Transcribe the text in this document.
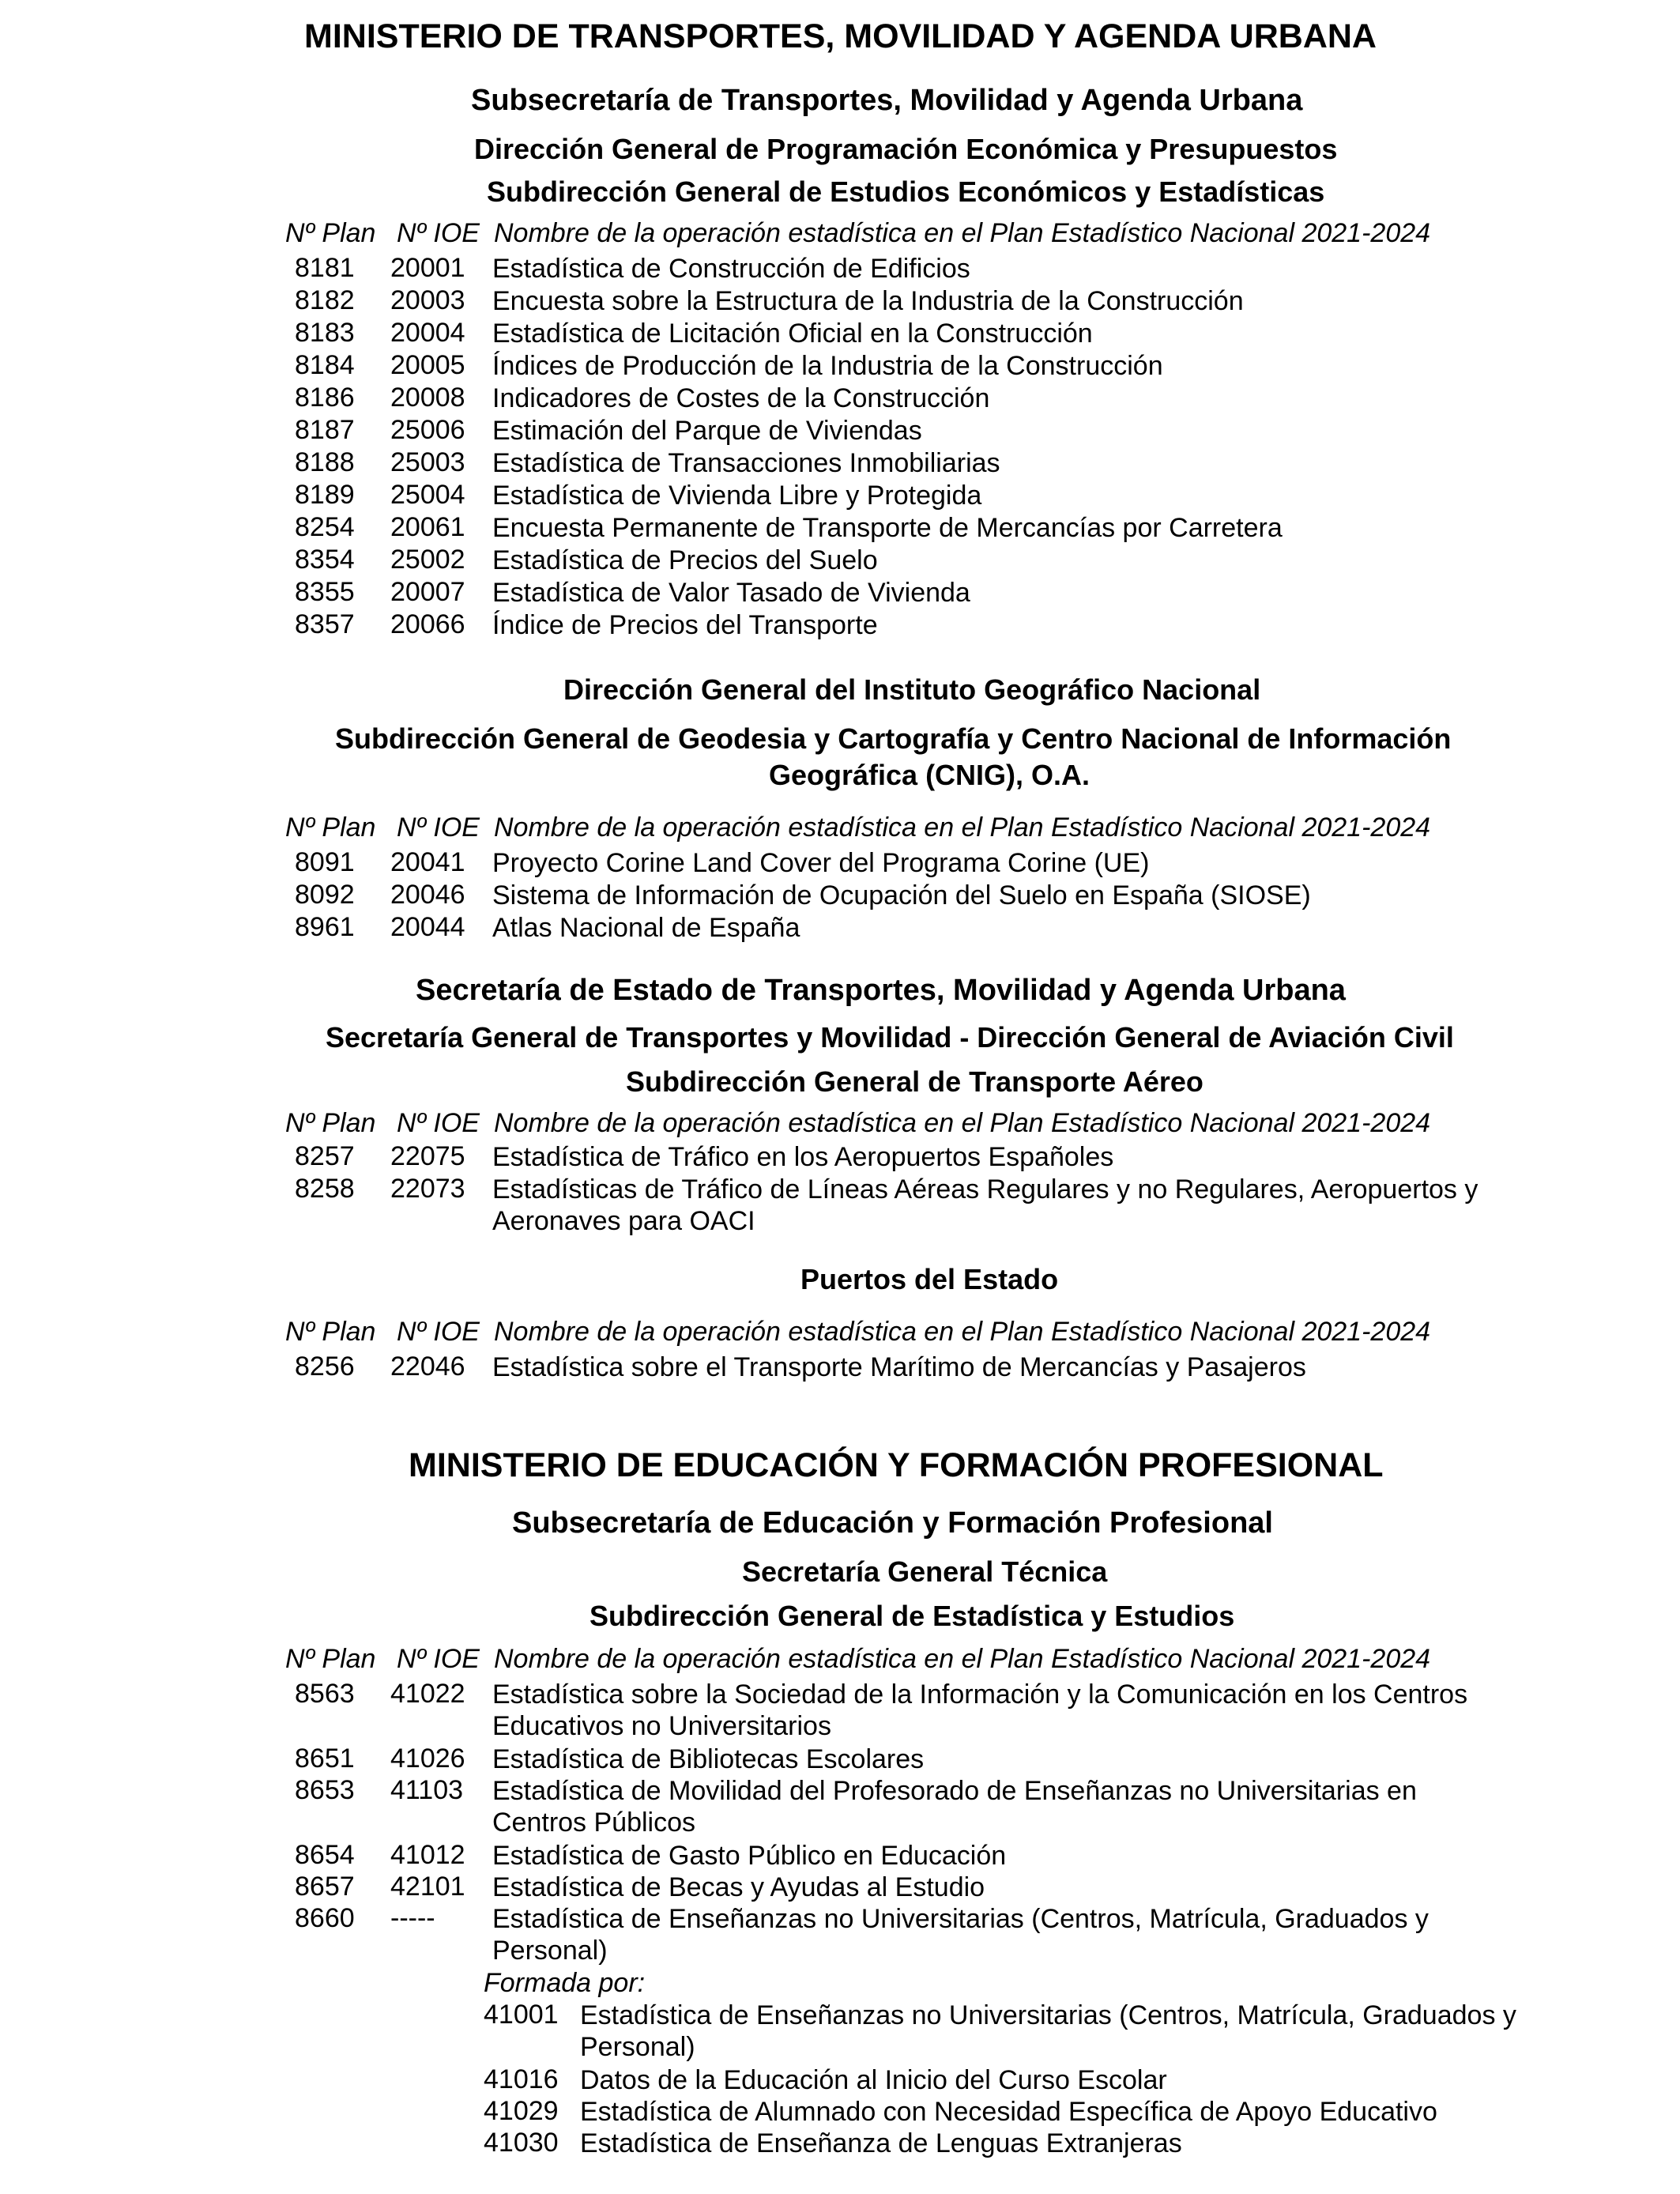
MINISTERIO DE TRANSPORTES, MOVILIDAD Y AGENDA URBANA
Subsecretaría de Transportes, Movilidad y Agenda Urbana
Dirección General de Programación Económica y Presupuestos
Subdirección General de Estudios Económicos y Estadísticas
Nº Plan Nº IOE Nombre de la operación estadística en el Plan Estadístico Nacional 2021-2024
8181 20001 Estadística de Construcción de Edificios
8182 20003 Encuesta sobre la Estructura de la Industria de la Construcción
8183 20004 Estadística de Licitación Oficial en la Construcción
8184 20005 Índices de Producción de la Industria de la Construcción
8186 20008 Indicadores de Costes de la Construcción
8187 25006 Estimación del Parque de Viviendas
8188 25003 Estadística de Transacciones Inmobiliarias
8189 25004 Estadística de Vivienda Libre y Protegida
8254 20061 Encuesta Permanente de Transporte de Mercancías por Carretera
8354 25002 Estadística de Precios del Suelo
8355 20007 Estadística de Valor Tasado de Vivienda
8357 20066 Índice de Precios del Transporte
Dirección General del Instituto Geográfico Nacional
Subdirección General de Geodesia y Cartografía y Centro Nacional de Información
Geográfica (CNIG), O.A.
Nº Plan Nº IOE Nombre de la operación estadística en el Plan Estadístico Nacional 2021-2024
8091 20041 Proyecto Corine Land Cover del Programa Corine (UE)
8092 20046 Sistema de Información de Ocupación del Suelo en España (SIOSE)
8961 20044 Atlas Nacional de España
Secretaría de Estado de Transportes, Movilidad y Agenda Urbana
Secretaría General de Transportes y Movilidad - Dirección General de Aviación Civil
Subdirección General de Transporte Aéreo
Nº Plan Nº IOE Nombre de la operación estadística en el Plan Estadístico Nacional 2021-2024
8257 22075 Estadística de Tráfico en los Aeropuertos Españoles
8258 22073 Estadísticas de Tráfico de Líneas Aéreas Regulares y no Regulares, Aeropuertos y Aeronaves para OACI
Puertos del Estado
Nº Plan Nº IOE Nombre de la operación estadística en el Plan Estadístico Nacional 2021-2024
8256 22046 Estadística sobre el Transporte Marítimo de Mercancías y Pasajeros
MINISTERIO DE EDUCACIÓN Y FORMACIÓN PROFESIONAL
Subsecretaría de Educación y Formación Profesional
Secretaría General Técnica
Subdirección General de Estadística y Estudios
Nº Plan Nº IOE Nombre de la operación estadística en el Plan Estadístico Nacional 2021-2024
8563 41022 Estadística sobre la Sociedad de la Información y la Comunicación en los Centros Educativos no Universitarios
8651 41026 Estadística de Bibliotecas Escolares
8653 41103 Estadística de Movilidad del Profesorado de Enseñanzas no Universitarias en Centros Públicos
8654 41012 Estadística de Gasto Público en Educación
8657 42101 Estadística de Becas y Ayudas al Estudio
8660 ----- Estadística de Enseñanzas no Universitarias (Centros, Matrícula, Graduados y Personal)
Formada por:
41001 Estadística de Enseñanzas no Universitarias (Centros, Matrícula, Graduados y Personal)
41016 Datos de la Educación al Inicio del Curso Escolar
41029 Estadística de Alumnado con Necesidad Específica de Apoyo Educativo
41030 Estadística de Enseñanza de Lenguas Extranjeras
